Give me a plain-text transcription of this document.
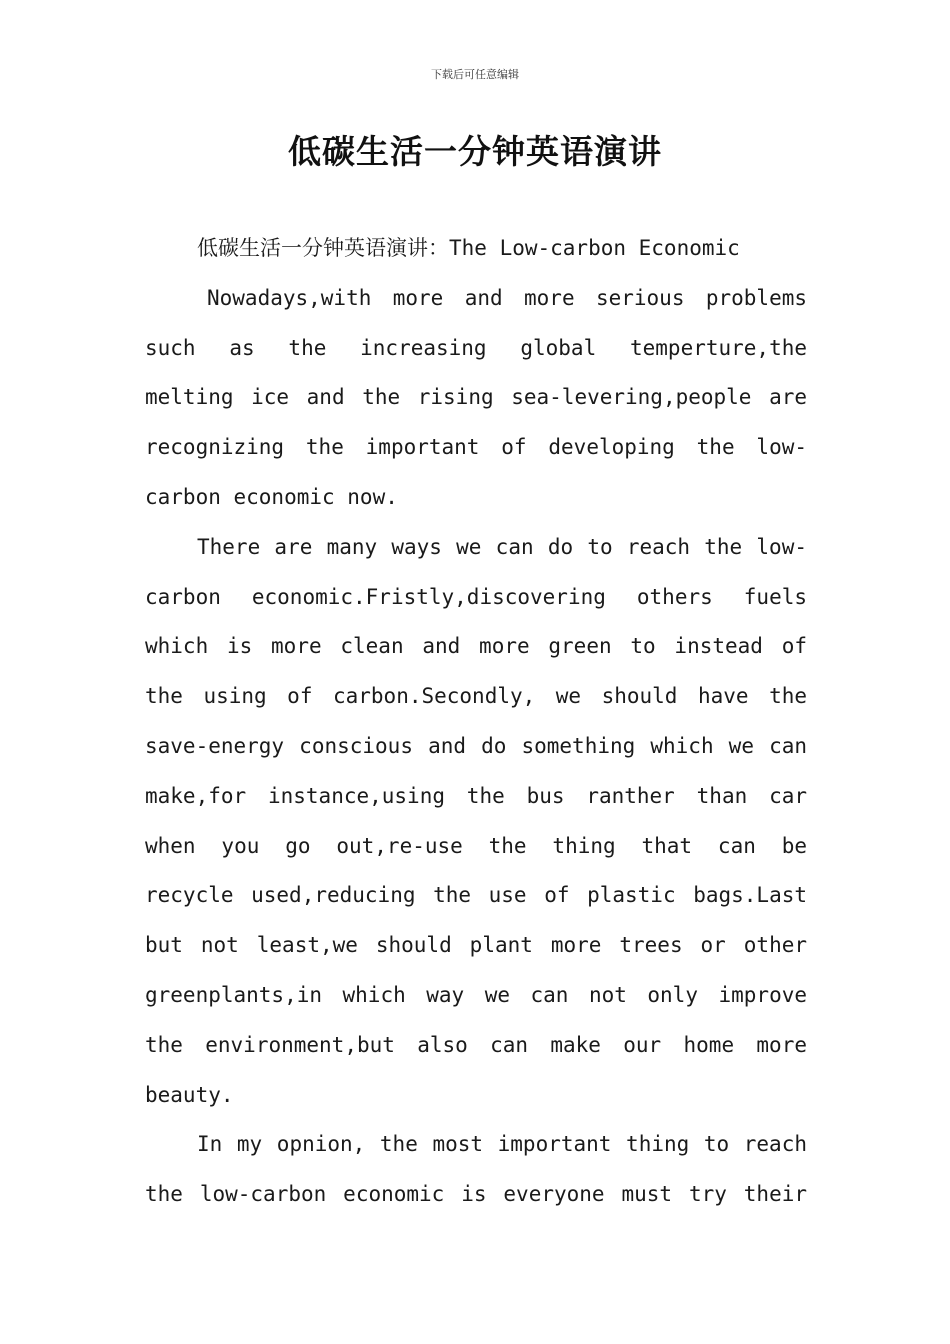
下载后可任意编辑
低碳生活一分钟英语演讲

低碳生活一分钟英语演讲：The Low-carbon Economic

Nowadays,with more and more serious problems
such as the increasing global temperture,the
melting ice and the rising sea-levering,people are
recognizing the important of developing the low-
carbon economic now.

There are many ways we can do to reach the low-
carbon economic.Fristly,discovering others fuels
which is more clean and more green to instead of
the using of carbon.Secondly, we should have the
save-energy conscious and do something which we can
make,for instance,using the bus ranther than car
when you go out,re-use the thing that can be
recycle used,reducing the use of plastic bags.Last
but not least,we should plant more trees or other
greenplants,in which way we can not only improve
the environment,but also can make our home more
beauty.

In my opnion, the most important thing to reach
the low-carbon economic is everyone must try their
